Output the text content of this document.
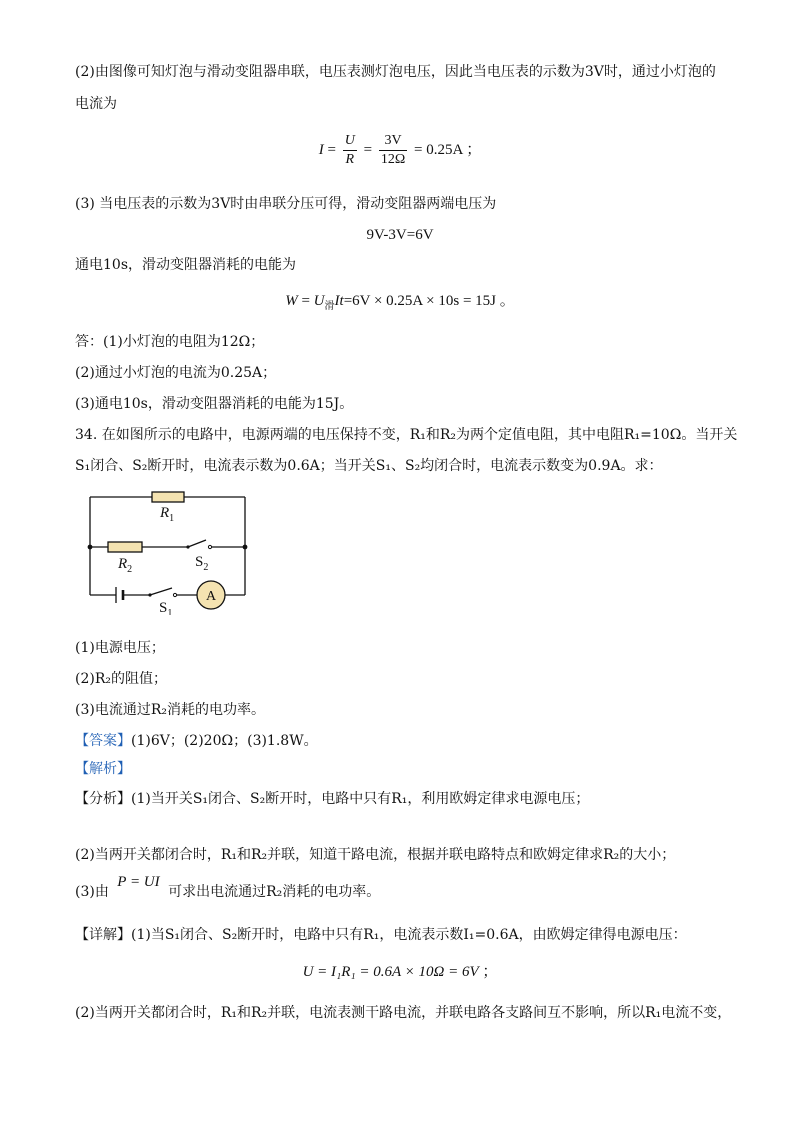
(2)由图像可知灯泡与滑动变阻器串联，电压表测灯泡电压，因此当电压表的示数为3V时，通过小灯泡的
电流为
$I = \frac{U}{R} = \frac{3V}{12\Omega} = 0.25A$ ；
(3) 当电压表的示数为3V时由串联分压可得，滑动变阻器两端电压为
9V-3V=6V
通电10s，滑动变阻器消耗的电能为
$W = U_滑It=6V \times 0.25A \times 10s = 15J$ 。
答：(1)小灯泡的电阻为12Ω；
(2)通过小灯泡的电流为0.25A；
(3)通电10s，滑动变阻器消耗的电能为15J。
34. 在如图所示的电路中，电源两端的电压保持不变，R₁和R₂为两个定值电阻，其中电阻R₁=10Ω。当开关
S₁闭合、S₂断开时，电流表示数为0.6A；当开关S₁、S₂均闭合时，电流表示数变为0.9A。求：
A
$R_1$
$R_2$	$S_2$
$S_1$
(1)电源电压；
(2)R₂的阻值；
(3)电流通过R₂消耗的电功率。
【答案】(1)6V；(2)20Ω；(3)1.8W。
【解析】
【分析】(1)当开关S₁闭合、S₂断开时，电路中只有R₁，利用欧姆定律求电源电压；
(2)当两开关都闭合时，R₁和R₂并联，知道干路电流，根据并联电路特点和欧姆定律求R₂的大小；
(3)由 P = UI 可求出电流通过R₂消耗的电功率。
【详解】(1)当S₁闭合、S₂断开时，电路中只有R₁，电流表示数I₁=0.6A，由欧姆定律得电源电压：
U = I₁R₁ = 0.6A × 10Ω = 6V ；
(2)当两开关都闭合时，R₁和R₂并联，电流表测干路电流，并联电路各支路间互不影响，所以R₁电流不变，
